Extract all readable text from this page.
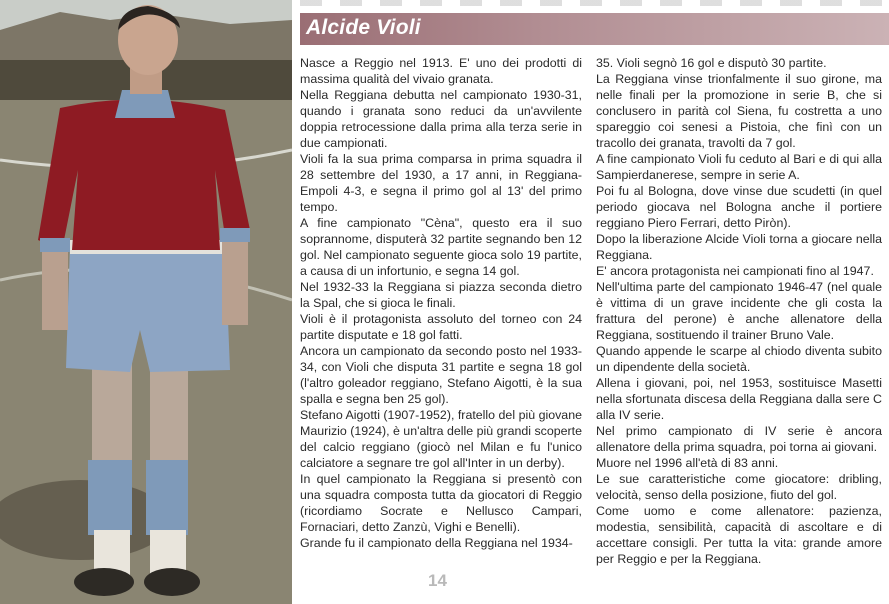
Alcide Violi

Nasce a Reggio nel 1913. E' uno dei prodotti di massima qualità del vivaio granata.

Nella Reggiana debutta nel campionato 1930-31, quando i granata sono reduci da un'avvilente doppia retrocessione dalla prima alla terza serie in due campionati.

Violi fa la sua prima comparsa in prima squadra il 28 settembre del 1930, a 17 anni, in Reggiana-Empoli 4-3, e segna il primo gol al 13' del primo tempo.

A fine campionato "Cèna", questo era il suo soprannome, disputerà 32 partite segnando ben 12 gol. Nel campionato seguente gioca solo 19 partite, a causa di un infortunio, e segna 14 gol.

Nel 1932-33 la Reggiana si piazza seconda dietro la Spal, che si gioca le finali.

Violi è il protagonista assoluto del torneo con 24 partite disputate e 18 gol fatti.

Ancora un campionato da secondo posto nel 1933-34, con Violi che disputa 31 partite e segna 18 gol (l'altro goleador reggiano, Stefano Aigotti, è la sua spalla e segna ben 25 gol).

Stefano Aigotti (1907-1952), fratello del più giovane Maurizio (1924), è un'altra delle più grandi scoperte del calcio reggiano (giocò nel Milan e fu l'unico calciatore a segnare tre gol all'Inter in un derby).

In quel campionato la Reggiana si presentò con una squadra composta tutta da giocatori di Reggio (ricordiamo Socrate e Nellusco Campari, Fornaciari, detto Zanzù, Vighi e Benelli).

Grande fu il campionato della Reggiana nel 1934-

35. Violi segnò 16 gol e disputò 30 partite.

La Reggiana vinse trionfalmente il suo girone, ma nelle finali per la promozione in serie B, che si conclusero in parità col Siena, fu costretta a uno spareggio coi senesi a Pistoia, che finì con un tracollo dei granata, travolti da 7 gol.

A fine campionato Violi fu ceduto al Bari e di qui alla Sampierdanerese, sempre in serie A.

Poi fu al Bologna, dove vinse due scudetti (in quel periodo giocava nel Bologna anche il portiere reggiano Piero Ferrari, detto Piròn).

Dopo la liberazione Alcide Violi torna a giocare nella Reggiana.

E' ancora protagonista nei campionati fino al 1947.

Nell'ultima parte del campionato 1946-47 (nel quale è vittima di un grave incidente che gli costa la frattura del perone) è anche allenatore della Reggiana, sostituendo il trainer Bruno Vale.

Quando appende le scarpe al chiodo diventa subito un dipendente della società.

Allena i giovani, poi, nel 1953, sostituisce Masetti nella sfortunata discesa della Reggiana dalla sere C alla IV serie.

Nel primo campionato di IV serie è ancora allenatore della prima squadra, poi torna ai giovani.

Muore nel 1996 all'età di 83 anni.

Le sue caratteristiche come giocatore: dribling, velocità, senso della posizione, fiuto del gol.

Come uomo e come allenatore: pazienza, modestia, sensibilità, capacità di ascoltare e di accettare consigli. Per tutta la vita: grande amore per Reggio e per la Reggiana.

14
